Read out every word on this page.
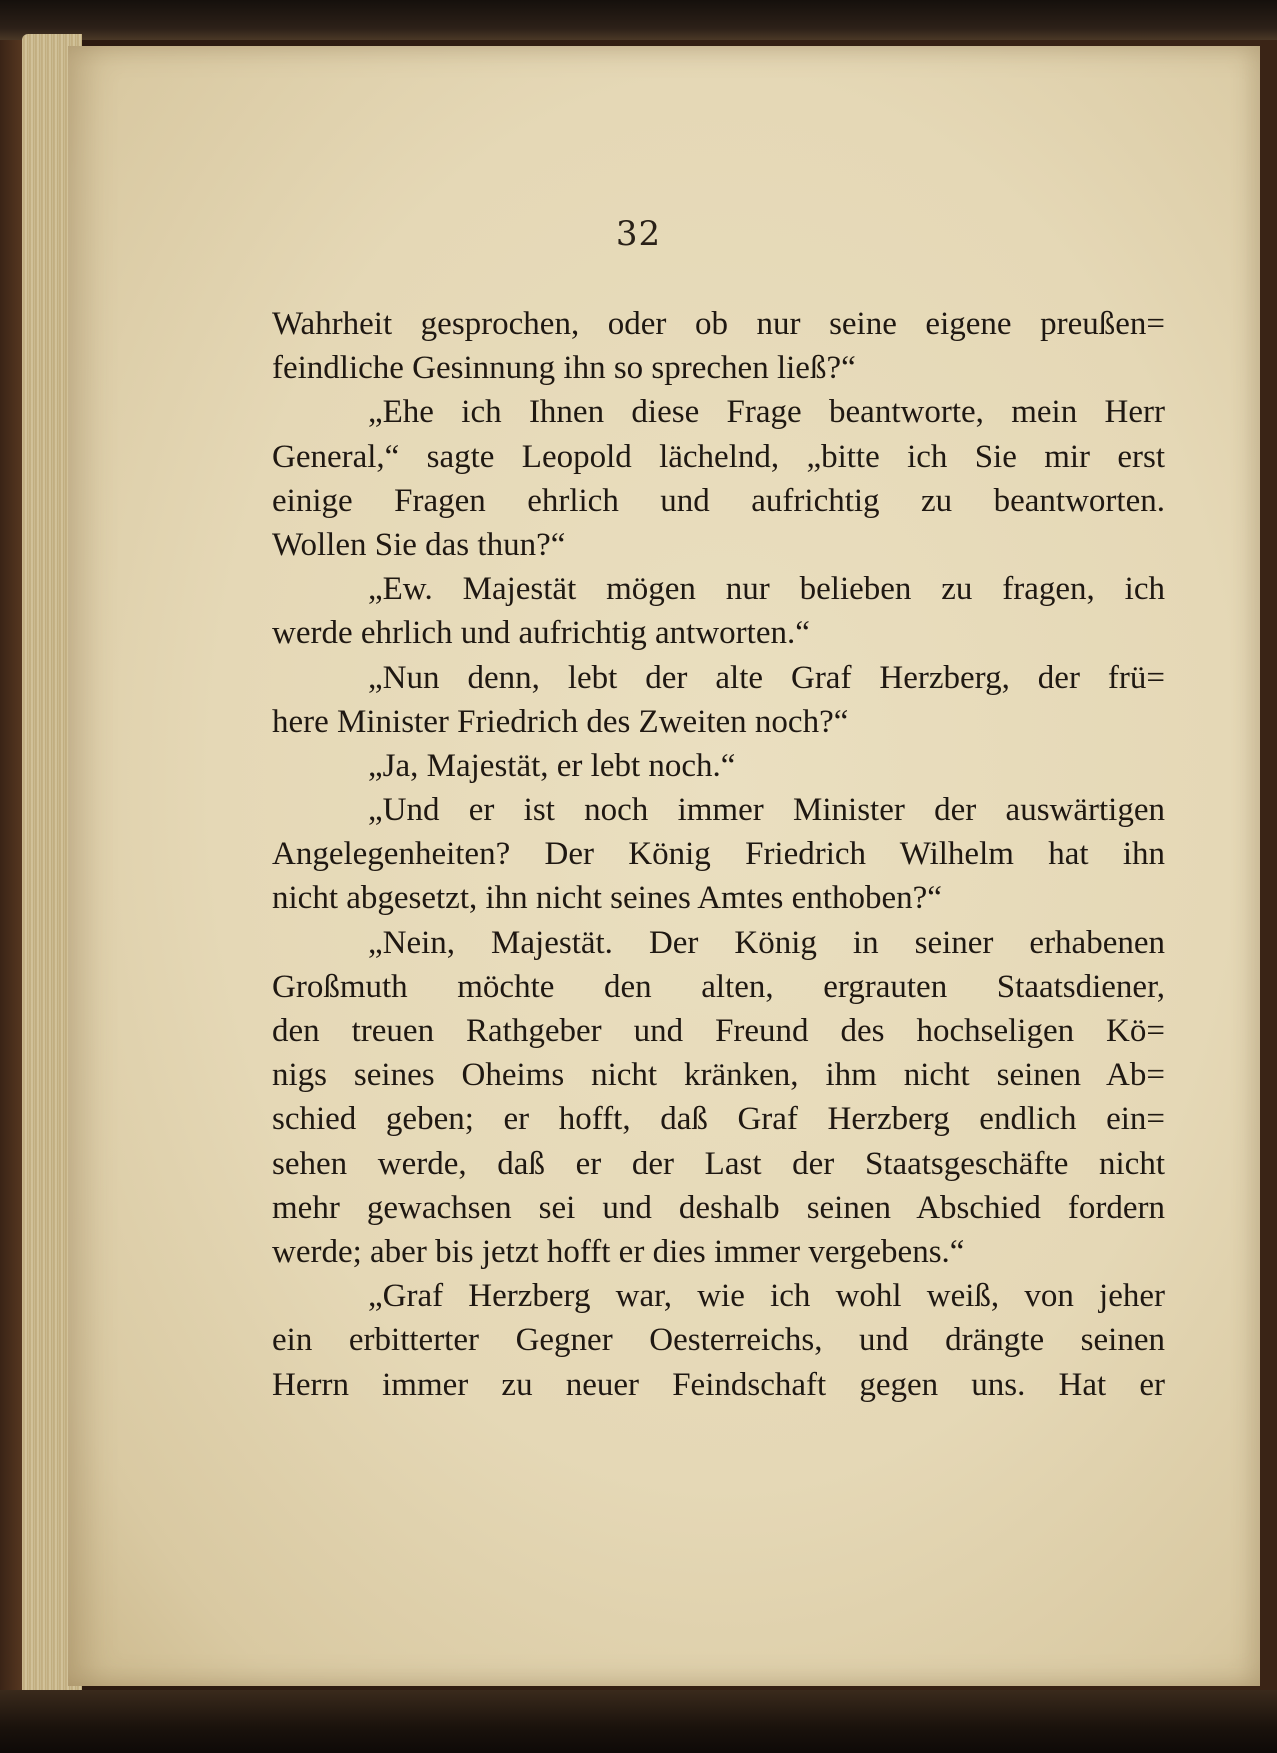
32
Wahrheit gesprochen, oder ob nur seine eigene preußen=
feindliche Gesinnung ihn so sprechen ließ?“
„Ehe ich Ihnen diese Frage beantworte, mein Herr
General,“ sagte Leopold lächelnd, „bitte ich Sie mir erst
einige Fragen ehrlich und aufrichtig zu beantworten.
Wollen Sie das thun?“
„Ew. Majestät mögen nur belieben zu fragen, ich
werde ehrlich und aufrichtig antworten.“
„Nun denn, lebt der alte Graf Herzberg, der frü=
here Minister Friedrich des Zweiten noch?“
„Ja, Majestät, er lebt noch.“
„Und er ist noch immer Minister der auswärtigen
Angelegenheiten? Der König Friedrich Wilhelm hat ihn
nicht abgesetzt, ihn nicht seines Amtes enthoben?“
„Nein, Majestät. Der König in seiner erhabenen
Großmuth möchte den alten, ergrauten Staatsdiener,
den treuen Rathgeber und Freund des hochseligen Kö=
nigs seines Oheims nicht kränken, ihm nicht seinen Ab=
schied geben; er hofft, daß Graf Herzberg endlich ein=
sehen werde, daß er der Last der Staatsgeschäfte nicht
mehr gewachsen sei und deshalb seinen Abschied fordern
werde; aber bis jetzt hofft er dies immer vergebens.“
„Graf Herzberg war, wie ich wohl weiß, von jeher
ein erbitterter Gegner Oesterreichs, und drängte seinen
Herrn immer zu neuer Feindschaft gegen uns. Hat er
